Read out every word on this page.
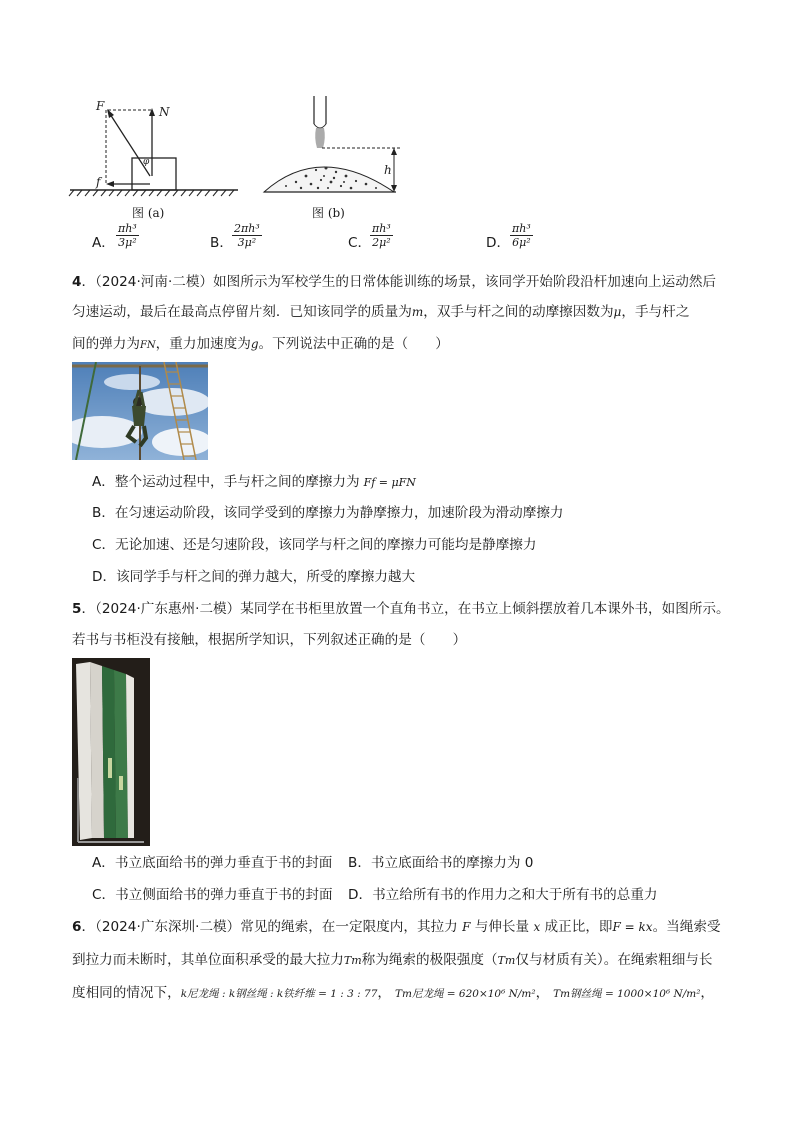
F	N
f
φ
图 (a)
h
图 (b)
A． $\frac{\text{πh³}}{\text{3μ²}}$	B． $\frac{\text{2πh³}}{\text{3μ²}}$	C．
$\frac{\text{πh³}}{\text{2μ²}}$	D． $\frac{\text{πh³}}{\text{6μ²}}$
4．（2024·河南·二模）如图所示为军校学生的日常体能训练的场景，该同学开始阶段沿杆加速向上运动然后
匀速运动，最后在最高点停留片刻．已知该同学的质量为m，双手与杆之间的动摩擦因数为μ，手与杆之
间的弹力为FN，重力加速度为g。下列说法中正确的是（　　）
A．整个运动过程中，手与杆之间的摩擦力为 Ff = μFN
B．在匀速运动阶段，该同学受到的摩擦力为静摩擦力，加速阶段为滑动摩擦力
C．无论加速、还是匀速阶段，该同学与杆之间的摩擦力可能均是静摩擦力
D．该同学手与杆之间的弹力越大，所受的摩擦力越大
5．（2024·广东惠州·二模）某同学在书柜里放置一个直角书立，在书立上倾斜摆放着几本课外书，如图所示。
若书与书柜没有接触，根据所学知识，下列叙述正确的是（　　）
A．书立底面给书的弹力垂直于书的封面 B．书立底面给书的摩擦力为 0
C．书立侧面给书的弹力垂直于书的封面 D．书立给所有书的作用力之和大于所有书的总重力
6．（2024·广东深圳·二模）常见的绳索，在一定限度内，其拉力 F 与伸长量 x 成正比，即F = kx。当绳索受
到拉力而未断时，其单位面积承受的最大拉力Tm称为绳索的极限强度（Tm仅与材质有关）。在绳索粗细与长
度相同的情况下，k尼龙绳 : k钢丝绳 : k铁纤维 = 1 : 3 : 77， Tm尼龙绳 = 620×10⁶ N/m²， Tm钢丝绳 = 1000×10⁶ N/m²，
